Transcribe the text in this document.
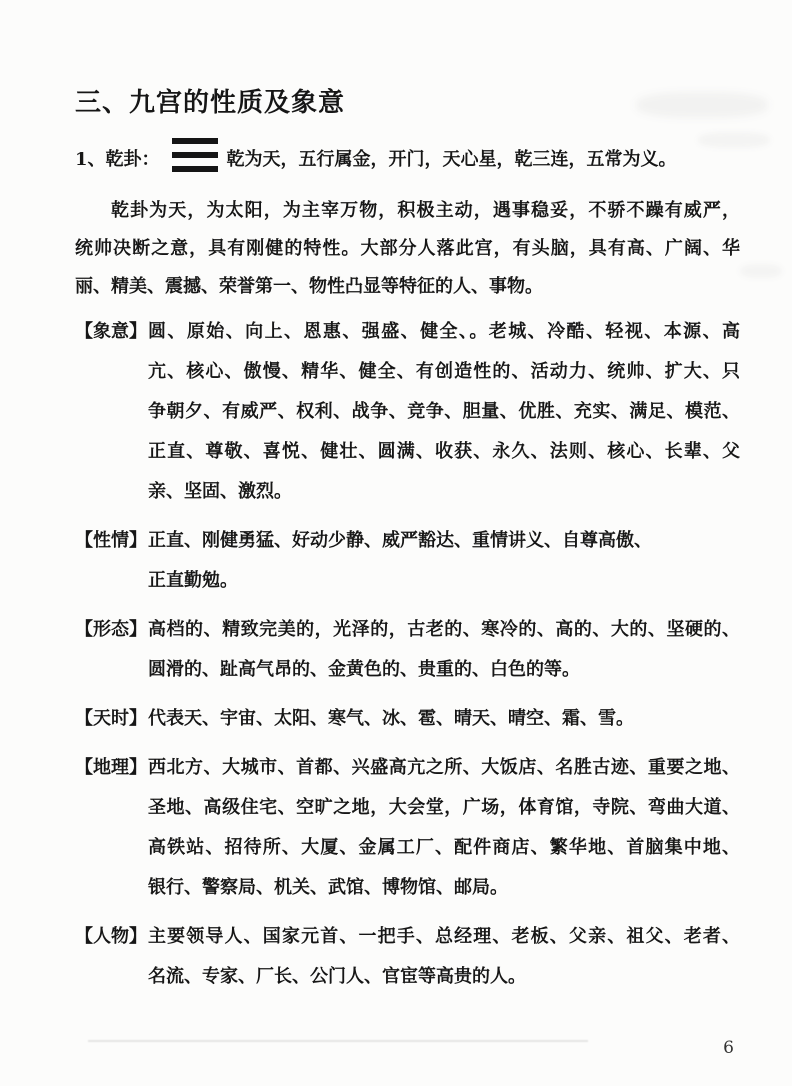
三、九宫的性质及象意
1、乾卦：	乾为天，五行属金，开门，天心星，乾三连，五常为义。
乾卦为天，为太阳，为主宰万物，积极主动，遇事稳妥，不骄不躁有威严，
统帅决断之意，具有刚健的特性。大部分人落此宫，有头脑，具有高、广阔、华
丽、精美、震撼、荣誉第一、物性凸显等特征的人、事物。
【象意】 圆、原始、向上、恩惠、强盛、健全、。老城、冷酷、轻视、本源、高
亢、核心、傲慢、精华、健全、有创造性的、活动力、统帅、扩大、只
争朝夕、有威严、权利、战争、竞争、胆量、优胜、充实、满足、模范、
正直、尊敬、喜悦、健壮、圆满、收获、永久、法则、核心、长辈、父
亲、坚固、激烈。
【性情】 正直、刚健勇猛、好动少静、威严豁达、重情讲义、自尊高傲、
正直勤勉。
【形态】 高档的、精致完美的，光泽的，古老的、寒冷的、高的、大的、坚硬的、
圆滑的、趾高气昂的、金黄色的、贵重的、白色的等。
【天时】 代表天、宇宙、太阳、寒气、冰、雹、晴天、晴空、霜、雪。
【地理】 西北方、大城市、首都、兴盛高亢之所、大饭店、名胜古迹、重要之地、
圣地、高级住宅、空旷之地，大会堂，广场，体育馆，寺院、弯曲大道、
高铁站、招待所、大厦、金属工厂、配件商店、繁华地、首脑集中地、
银行、警察局、机关、武馆、博物馆、邮局。
【人物】 主要领导人、国家元首、一把手、总经理、老板、父亲、祖父、老者、
名流、专家、厂长、公门人、官宦等高贵的人。
6
